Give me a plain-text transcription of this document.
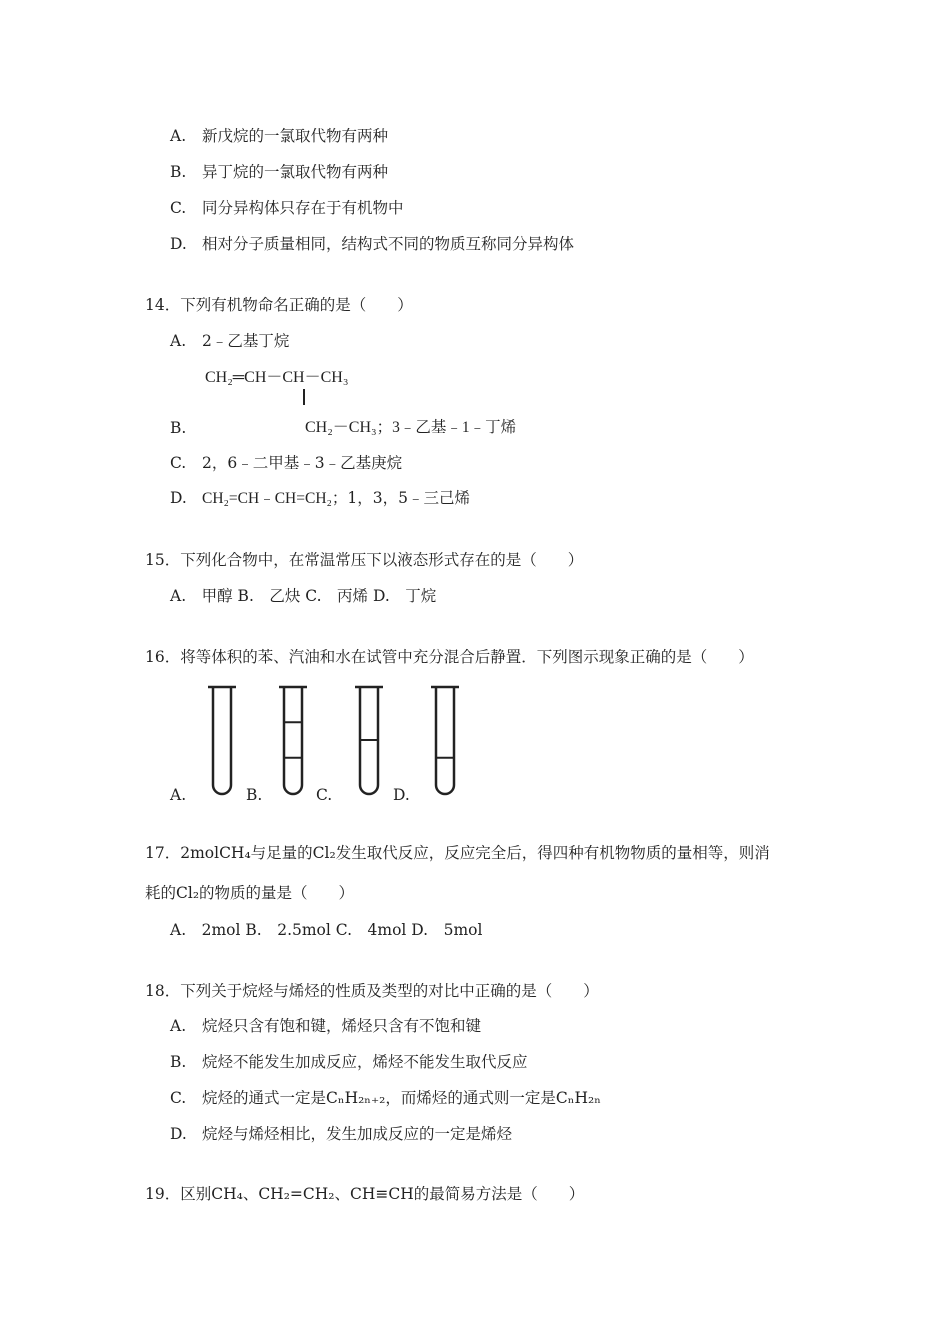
A. 新戊烷的一氯取代物有两种
B. 异丁烷的一氯取代物有两种
C. 同分异构体只存在于有机物中
D. 相对分子质量相同，结构式不同的物质互称同分异构体
14．下列有机物命名正确的是（　　）
A. 2﹣乙基丁烷
CH₂═CH－CH－CH₃
B.	CH₂－CH₃；3﹣乙基﹣1﹣丁烯
C. 2，6﹣二甲基﹣3﹣乙基庚烷
D. CH₂=CH﹣CH=CH₂；1，3，5﹣三己烯
15．下列化合物中，在常温常压下以液态形式存在的是（　　）
A.　甲醇 B.　乙炔 C.　丙烯 D.　丁烷
16．将等体积的苯、汽油和水在试管中充分混合后静置．下列图示现象正确的是（　　）
A.	B.	C.	D.
17．2molCH₄与足量的Cl₂发生取代反应，反应完全后，得四种有机物物质的量相等，则消
耗的Cl₂的物质的量是（　　）
A.　2mol B.　2.5mol C.　4mol D.　5mol
18．下列关于烷烃与烯烃的性质及类型的对比中正确的是（　　）
A. 烷烃只含有饱和键，烯烃只含有不饱和键
B. 烷烃不能发生加成反应，烯烃不能发生取代反应
C. 烷烃的通式一定是CₙH₂ₙ₊₂，而烯烃的通式则一定是CₙH₂ₙ
D. 烷烃与烯烃相比，发生加成反应的一定是烯烃
19．区别CH₄、CH₂=CH₂、CH≡CH的最简易方法是（　　）
